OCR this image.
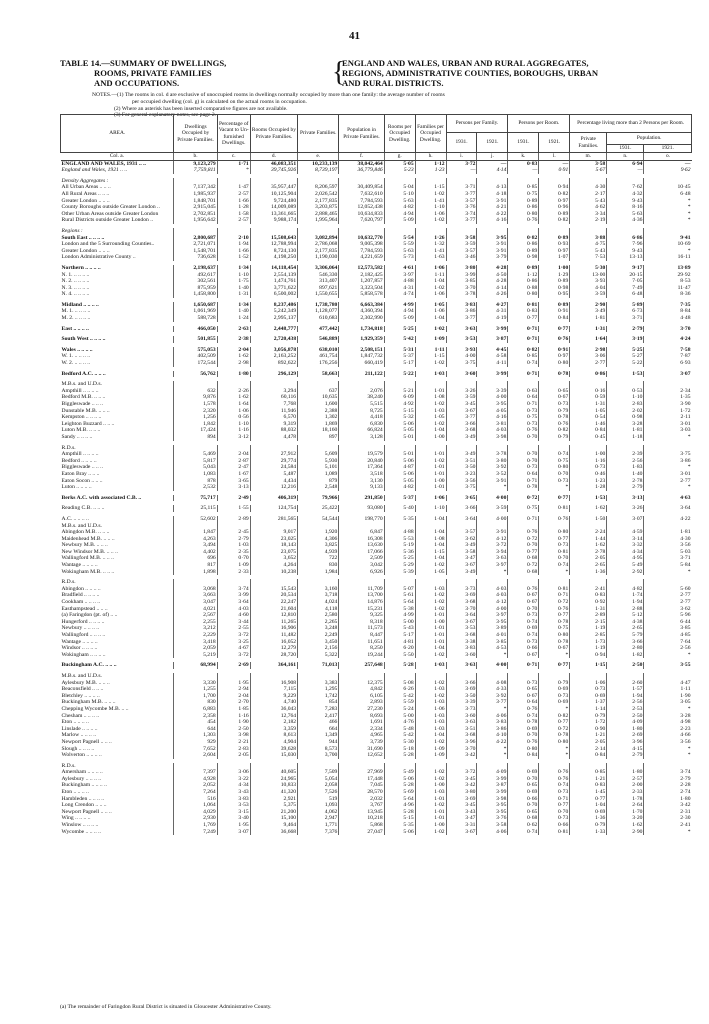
41
TABLE 14.—SUMMARY OF DWELLINGS,
ROOMS, PRIVATE FAMILIES
AND OCCUPATIONS.	{
ENGLAND AND WALES, URBAN AND RURAL AGGREGATES,
REGIONS, ADMINISTRATIVE COUNTIES, BOROUGHS, URBAN
AND RURAL DISTRICTS.
NOTES.—(1) The rooms in col. d are exclusive of unoccupied rooms in dwellings normally occupied by more than one family: the average number of rooms
per occupied dwelling (col. g) is calculated on the actual rooms in occupation.
(2) Where an asterisk has been inserted comparative figures are not available.
(3) For general explanatory notes, see page 2.
AREA.	Dwellings Occupied by Private Families.	Percentage of Vacant to Un-furnished Dwellings.	Rooms Occupied by Private Families.	Private Families.	Population in Private Families.	Rooms per Occupied Dwelling.	Families per Occupied Dwelling.	Persons per Family.		Persons per Room.		Percentage living more than 2 Persons per Room.		
								1931.	1921.	1931.	1921.	Private Families.	Population.	
													1931.	1921.
Col. a.	b.	c.	d.	e.	f.	g.	h.	i.	j.	k.	l.	m.	n.	o.
ENGLAND AND WALES, 1931 .. ..	9,123,279	1·71	46,083,351	10,233,139	38,042,464	5·05	1·12	3·72	—	0·83	—	3·58	6·94	—
England and Wales, 1921 .. ..	7,759,811	*	39,745,926	8,739,197	36,779,846	5·23	1·23	—	4·14	—	0·91	5·67	—	9·62

Density Aggregates :														
All Urban Areas .. .. ..	7,137,342	1·47	35,957,447	8,206,597	30,409,854	5·04	1·15	3·71	4·13	0·85	0·94	4·30	7·62	10·45
All Rural Areas .. .. ..	1,985,937	2·57	10,125,904	2,026,542	7,632,610	5·10	1·02	3·77	4·18	0·75	0·82	2·17	4·32	6·48
Greater London .. .. ..	1,848,701	1·66	9,724,480	2,177,835	7,784,593	5·63	1·41	3·57	3·91	0·89	0·97	5·43	9·43	*
County Boroughs outside Greater London ..	2,915,045	1·28	14,009,089	3,203,875	12,052,438	4·82	1·10	3·76	4·21	0·86	0·96	4·62	8·16	*
Other Urban Areas outside Greater London	2,702,851	1·58	13,361,665	2,888,465	10,634,833	4·94	1·06	3·74	4·22	0·80	0·89	3·34	5·63	*
Rural Districts outside Greater London ..	1,956,642	2·57	9,988,174	1,995,964	7,620,797	5·09	1·02	3·77	4·16	0·76	0·82	2·19	4·36	*

Regions :														
South East .. .. .. ..	2,800,687	2·10	15,508,643	3,082,894	10,632,770	5·54	1·26	3·58	3·95	0·82	0·89	3·88	6·86	9·41
London and the 5 Surrounding Counties..	2,721,071	1·94	12,788,994	2,786,068	9,005,398	5·59	1·32	3·59	3·91	0·86	0·93	4·75	7·96	10·69
Greater London .. .. ..	1,548,701	1·66	8,724,130	2,177,835	7,784,593	5·63	1·41	3·57	3·91	0·89	0·97	5·43	9·43	*
London Administrative County ..	736,628	1·52	4,198,250	1,190,030	4,221,659	5·73	1·63	3·46	3·79	0·98	1·07	7·53	13·13	16·11

Northern .. .. .. ..	2,198,637	1·34	14,118,454	3,306,064	12,573,582	4·61	1·06	3·80	4·28	0·89	1·00	5·30	9·17	13·89
N. 1. .. .. .. ..	492,617	1·10	2,554,139	546,330	2,182,425	3·97	1·11	3·99	4·50	1·12	1·29	13·00	20·15	29·92
N. 2. .. .. .. ..	302,561	1·75	1,474,761	313,407	1,207,857	4·88	1·04	3·85	4·28	0·86	0·89	3·93	7·05	8·53
N. 3. .. .. .. ..	875,959	1·40	3,771,622	897,621	3,323,504	4·31	1·02	3·70	4·14	0·88	0·98	4·04	7·49	11·47
N. 4. .. .. .. ..	1,458,800	1·31	6,500,002	1,550,655	5,858,578	4·74	1·06	3·78	4·26	0·80	0·95	3·59	6·48	8·36

Midland .. .. .. ..	1,650,687	1·34	8,237,486	1,738,780	6,663,384	4·99	1·05	3·83	4·27	0·81	0·89	2·90	5·89	7·35
M. 1. .. .. .. ..	1,061,969	1·40	5,242,349	1,128,077	4,360,394	4·94	1·06	3·86	4·31	0·83	0·91	3·49	6·73	8·84
M. 2. .. .. .. ..	588,728	1·24	2,995,137	610,683	2,302,990	5·09	1·04	3·77	4·19	0·77	0·84	1·81	3·71	4·48

East .. .. .. ..	466,050	2·63	2,448,777	477,442	1,734,818	5·25	1·02	3·63	3·99	0·71	0·77	1·31	2·79	3·70

South West .. .. .. ..	501,855	2·38	2,720,438	546,889	1,929,359	5·42	1·09	3·53	3·87	0·71	0·76	1·64	3·19	4·24

Wales .. .. .. ..	575,053	2·04	3,056,878	638,010	2,508,151	5·31	1·11	3·93	4·45	0·82	0·91	2·98	5·25	7·58
W. 1. .. .. .. ..	402,509	1·62	2,163,252	461,754	1,847,732	5·37	1·15	4·00	4·58	0·85	0·97	3·06	5·27	7·87
W. 2. .. .. .. ..	172,544	2·98	892,622	176,256	660,419	5·17	1·02	3·75	4·11	0·74	0·80	2·77	5·22	6·93

Bedford A.C. .. .. ..	56,762	1·80	296,129	58,663	211,122	5·22	1·03	3·60	3·99	0·71	0·78	0·86	1·53	3·07

M.B.s. and U.D.s.														
Ampthill .. .. .. ..	632	2·26	3,294	637	2,076	5·21	1·01	3·26	3·39	0·63	0·65	0·16	0·53	2·34
Bedford M.B. .. .. ..	9,876	1·62	60,116	10,635	38,240	6·09	1·08	3·59	4·00	0·64	0·67	0·59	1·10	1·35
Biggleswade .. .. ..	1,578	1·64	7,768	1,600	5,515	4·92	1·02	3·45	3·95	0·71	0·73	1·31	2·83	3·90
Dunstable M.B. .. .. ..	2,320	1·06	11,946	2,388	8,725	5·15	1·03	3·67	4·05	0·73	0·79	1·05	2·02	1·72
Kempston .. .. .. ..	1,256	0·56	6,570	1,302	4,418	5·32	1·05	3·77	4·16	0·75	0·78	0·54	0·98	2·11
Leighton Buzzard .. .. ..	1,842	1·10	9,319	1,869	6,830	5·06	1·02	3·66	3·81	0·73	0·76	1·46	3·28	3·01
Luton M.B. .. .. ..	17,424	1·16	88,032	18,160	66,824	5·05	1·04	3·68	4·03	0·76	0·82	0·84	1·81	3·03
Sandy .. .. .. ..	894	3·12	4,478	897	3,128	5·01	1·00	3·49	3·98	0·70	0·79	0·45	1·18	*

R.D.s.														
Ampthill .. .. .. ..	5,469	2·04	27,912	5,609	19,579	5·01	1·01	3·49	3·78	0·70	0·74	1·00	2·39	3·75
Bedford .. .. .. ..	5,817	2·87	29,774	5,930	20,840	5·06	1·02	3·51	3·80	0·70	0·75	1·16	2·56	3·86
Biggleswade .. .. ..	5,043	2·47	24,584	5,101	17,364	4·87	1·01	3·50	3·92	0·73	0·80	0·73	1·83	*
Eaton Bray .. .. ..	1,083	1·67	5,487	1,089	3,518	5·06	1·01	3·23	3·52	0·64	0·70	0·46	1·40	3·01
Eaton Socon .. .. ..	878	3·65	4,434	879	3,130	5·05	1·00	3·56	3·91	0·71	0·73	1·23	2·78	2·77
Luton .. .. .. ..	2,532	3·13	12,216	2,548	9,133	4·82	1·01	3·75	*	0·78	*	1·28	2·79	*

Berks A.C. with associated C.B. ..	75,717	2·49	406,319	79,966	291,850	5·37	1·06	3·65	4·00	0·72	0·77	1·53	3·13	4·63

Reading C.B. .. .. ..	25,115	1·55	124,754	25,422	93,080	5·40	1·10	3·66	3·59	0·75	0·81	1·62	3·26	3·64

A.C. .. .. .. ..	52,602	2·89	281,565	54,544	198,770	5·35	1·04	3·64	4·00	0·71	0·76	1·50	3·07	4·22
M.B.s. and U.D.s.														
Abingdon M.B. .. .. ..	1,847	2·45	9,017	1,920	6,847	4·88	1·04	3·57	3·91	0·76	0·80	2·24	4·59	1·81
Maidenhead M.B. .. .. ..	4,263	2·79	23,025	4,306	16,308	5·53	1·08	3·62	4·12	0·72	0·77	1·44	3·14	4·30
Newbury M.B. .. .. ..	3,494	1·03	18,143	3,825	13,630	5·19	1·04	3·49	3·72	0·70	0·73	1·62	3·32	3·56
New Windsor M.B. .. .. ..	4,402	2·35	23,075	4,939	17,066	5·36	1·15	3·58	3·94	0·77	0·81	2·78	4·34	5·03
Wallingford M.B. .. .. ..	696	0·70	3,652	722	2,509	5·25	1·04	3·47	3·63	0·68	0·70	2·05	4·95	3·71
Wantage .. .. .. ..	817	1·09	4,264	830	3,042	5·29	1·02	3·67	3·97	0·72	0·74	2·65	5·49	5·84
Wokingham M.B. .. .. ..	1,898	2·33	10,238	1,984	6,926	5·39	1·05	3·49	*	0·68	*	1·36	2·92	*

R.D.s.														
Abingdon .. .. .. ..	3,068	3·74	15,543	3,160	11,709	5·07	1·03	3·73	4·03	0·76	0·81	2·41	4·82	5·60
Bradfield .. .. .. ..	3,663	3·99	20,534	3,718	13,700	5·61	1·02	3·69	4·03	0·67	0·71	0·83	1·74	2·77
Cookham .. .. .. ..	3,047	3·64	22,247	4,024	14,876	5·64	1·02	3·68	4·12	0·67	0·72	0·92	1·94	2·77
Easthampstead .. .. ..	4,021	4·03	21,604	4,118	15,231	5·38	1·02	3·70	4·00	0·70	0·76	1·31	2·88	3·62
(a) Faringdon (pt. of) .. ..	2,567	4·60	12,810	2,580	9,325	4·99	1·01	3·64	3·97	0·73	0·77	2·89	5·12	5·96
Hungerford .. .. .. ..	2,255	3·44	11,265	2,265	8,318	5·00	1·00	3·67	3·95	0·74	0·78	2·15	4·38	6·44
Newbury .. .. .. ..	3,212	2·55	16,906	3,248	11,573	5·43	1·01	3·53	3·89	0·69	0·75	1·19	2·65	3·85
Wallingford .. .. .. ..	2,229	3·72	11,482	2,249	8,447	5·17	1·01	3·68	4·01	0·74	0·80	2·85	5·79	4·85
Wantage .. .. .. ..	3,418	3·25	16,052	3,450	11,651	4·81	1·01	3·38	3·85	0·73	0·78	1·73	3·66	7·64
Windsor .. .. .. ..	2,059	4·67	12,279	2,156	8,250	6·20	1·04	3·83	4·53	0·66	0·67	1·19	2·80	2·56
Wokingham .. .. .. ..	5,219	3·72	28,720	5,322	19,244	5·50	1·02	3·60	*	0·67	*	0·94	1·82	*

Buckingham A.C. .. .. ..	68,994	2·69	364,161	71,013	257,648	5·28	1·03	3·63	4·00	0·71	0·77	1·15	2·50	3·55

M.B.s. and U.D.s.														
Aylesbury M.B. .. .. ..	3,330	1·95	16,908	3,383	12,375	5·08	1·02	3·66	4·08	0·73	0·79	1·06	2·60	4·47
Beaconsfield .. .. ..	1,255	2·94	7,115	1,295	4,842	6·26	1·03	3·69	4·33	0·65	0·69	0·73	1·57	1·11
Bletchley .. .. .. ..	1,700	2·04	9,229	1,742	6,105	5·42	1·02	3·50	3·92	0·67	0·73	0·69	1·94	1·90
Buckingham M.B. .. .. ..	830	2·70	4,740	854	2,893	5·59	1·03	3·39	3·77	0·64	0·69	1·37	2·56	3·05
Chepping Wycombe M.B. .. ..	6,883	1·85	36,043	7,283	27,230	5·24	1·06	3·73	*	0·76	*	1·14	2·53	*
Chesham .. .. .. ..	2,358	1·16	12,764	2,417	8,693	5·00	1·03	3·60	4·06	0·74	0·82	0·79	2·50	3·28
Eton .. .. .. ..	454	1·90	2,182	466	1,691	4·76	1·03	3·63	3·83	0·78	0·77	1·72	4·09	4·98
Linslade .. .. .. ..	644	2·50	3,359	664	2,334	5·48	1·03	3·51	3·86	0·69	0·72	0·90	1·80	2·23
Marlow .. .. .. ..	1,303	3·98	8,613	1,349	4,965	5·42	1·04	3·68	4·10	0·70	0·78	1·21	2·69	4·66
Newport Pagnell .. .. ..	929	2·21	4,904	944	3,739	5·30	1·02	3·96	4·22	0·76	0·80	2·05	3·96	3·56
Slough .. .. .. ..	7,652	2·83	39,628	8,573	31,690	5·18	1·09	3·70	*	0·80	*	2·14	4·15	*
Wolverton .. .. .. ..	2,604	2·05	15,030	3,700	12,652	5·28	1·09	3·42	*	0·84	*	0·84	2·79	*

R.D.s.														
Amersham .. .. .. ..	7,397	3·06	40,605	7,509	27,969	5·49	1·02	3·72	4·09	0·69	0·76	0·85	1·80	3·74
Aylesbury .. .. .. ..	4,928	3·22	24,965	5,054	17,448	5·06	1·02	3·45	3·99	0·70	0·76	1·21	2·57	2·79
Buckingham .. .. .. ..	2,052	4·34	10,833	2,058	7,045	5·28	1·00	3·42	3·87	0·65	0·74	0·83	2·00	2·28
Eton .. .. .. ..	7,264	3·43	41,320	7,526	28,570	5·69	1·03	3·80	3·99	0·69	0·73	1·45	2·33	2·74
Hambleden .. .. .. ..	516	3·83	2,921	519	2,032	5·64	1·01	3·69	3·98	0·66	0·71	0·77	1·78	1·80
Long Crendon .. .. ..	1,064	3·53	5,375	1,093	3,767	4·96	1·02	3·45	3·95	0·70	0·77	1·04	2·64	3·42
Newport Pagnell .. .. ..	4,029	3·15	21,200	4,062	13,945	5·28	1·01	3·43	3·95	0·65	0·70	0·69	1·70	2·31
Wing .. .. .. ..	2,930	3·40	15,100	2,947	10,218	5·15	1·01	3·47	3·76	0·68	0·73	1·36	3·20	2·30
Winslow .. .. .. ..	1,769	1·95	9,464	1,771	5,868	5·35	1·00	3·31	3·58	0·62	0·66	0·79	1·62	2·41
Wycombe .. .. .. ..	7,249	3·07	36,668	7,376	27,047	5·06	1·02	3·67	4·06	0·74	0·81	1·33	2·90	*
(a) The remainder of Faringdon Rural District is situated in Gloucester Administrative County.
